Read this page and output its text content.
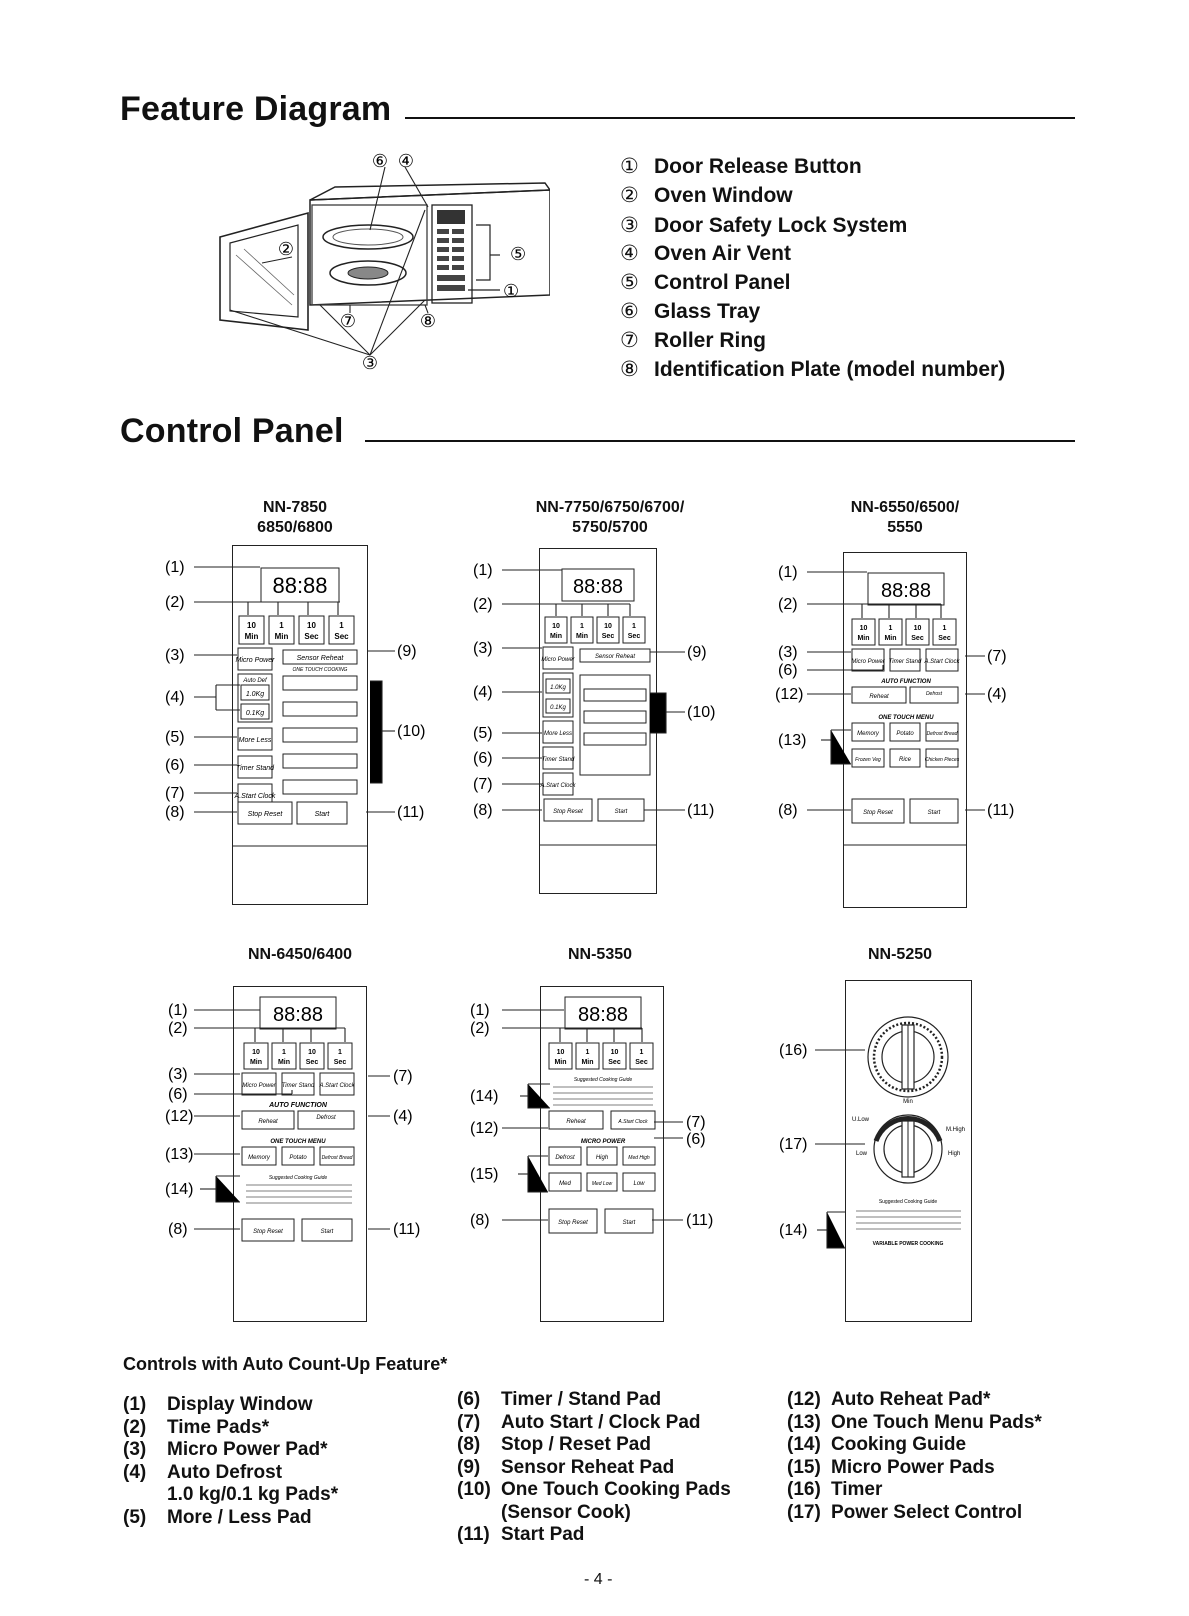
Feature Diagram
⑥ ④
②	⑤
①
⑦	⑧
③
① Door Release Button
② Oven Window
③ Door Safety Lock System
④ Oven Air Vent
⑤ Control Panel
⑥ Glass Tray
⑦ Roller Ring
⑧ Identification Plate (model number)
Control Panel
NN-7850
6850/6800
88:88
10
Min
1
Min
10
Sec
1
Sec
Micro Power	Sensor Reheat
ONE TOUCH COOKING
Auto Def
1.0Kg
0.1Kg
More Less
Timer Stand
A.Start Clock
Stop Reset	Start
(1)
(2)
(3)
(4)
(5)
(6)
(7)
(8)
(9)
(10)
(11)
NN-7750/6750/6700/
5750/5700
88:88
10
Min
1
Min
10
Sec
1
Sec
Micro Power	Sensor Reheat
1.0Kg
0.1Kg
More Less
Timer Stand
A.Start Clock
Stop Reset	Start
(1)
(2)
(3)
(4)
(5)
(6)
(7)
(8)
(9)
(10)
(11)
NN-6550/6500/
5550
88:88
10
Min
1
Min
10
Sec
1
Sec
Micro Power Timer Stand A.Start Clock
AUTO FUNCTION
Reheat	Defrost
ONE TOUCH MENU
Memory	Potato	Defrost Bread
Frozen Veg	Rice	Chicken Pieces
Stop Reset	Start
(1)
(2)
(3)
(6)
(12)
(13)
(8)
(7)
(4)
(11)
NN-6450/6400
88:88
10
Min
1
Min
10
Sec
1
Sec
Micro Power Timer Stand A.Start Clock
AUTO FUNCTION
Reheat
Defrost
ONE TOUCH MENU
Memory	Potato	Defrost Bread
Suggested Cooking Guide
Stop Reset	Start
(1)
(2)
(3)
(6)
(12)
(13)
(14)
(8)
(7)
(4)
(11)
NN-5350
88:88
10
Min
1
Min
10
Sec
1
Sec
Suggested Cooking Guide
Reheat	A.Start Clock
MICRO POWER
Defrost	High	Med High
Med	Med Low	Low
Stop Reset	Start
(1)
(2)
(14)
(12)
(15)
(8)
(7)
(6)
(11)
NN-5250
Min
U.Low
M.High
Low	High
Suggested Cooking Guide
VARIABLE POWER COOKING
(16)
(17)
(14)
Controls with Auto Count-Up Feature*
(1) Display Window
(2) Time Pads*
(3) Micro Power Pad*
(4) Auto Defrost
1.0 kg/0.1 kg Pads*
(5) More / Less Pad
(6) Timer / Stand Pad
(7) Auto Start / Clock Pad
(8) Stop / Reset Pad
(9) Sensor Reheat Pad
(10) One Touch Cooking Pads
(Sensor Cook)
(11) Start Pad
(12) Auto Reheat Pad*
(13) One Touch Menu Pads*
(14) Cooking Guide
(15) Micro Power Pads
(16) Timer
(17) Power Select Control
- 4 -
